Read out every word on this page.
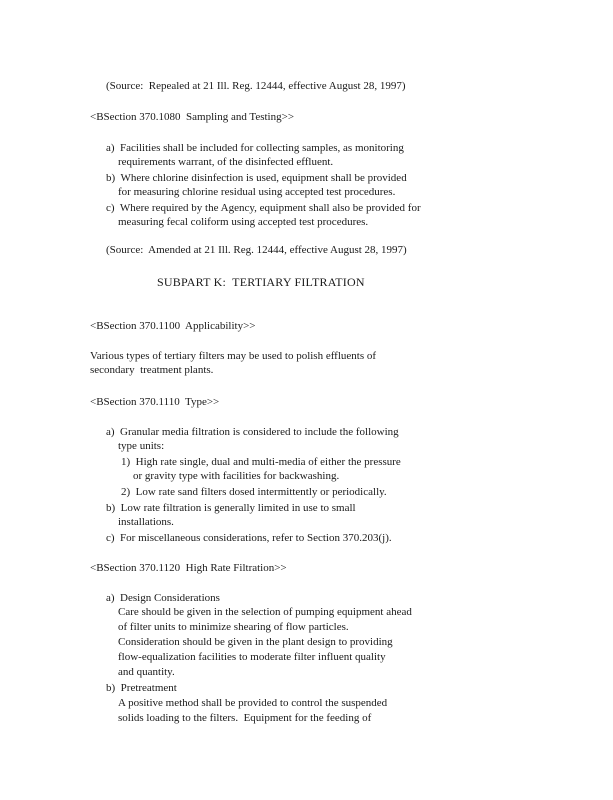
(Source:  Repealed at 21 Ill. Reg. 12444, effective August 28, 1997)

<BSection 370.1080  Sampling and Testing>>

a)  Facilities shall be included for collecting samples, as monitoring

requirements warrant, of the disinfected effluent.

b)  Where chlorine disinfection is used, equipment shall be provided

for measuring chlorine residual using accepted test procedures.

c)  Where required by the Agency, equipment shall also be provided for

measuring fecal coliform using accepted test procedures.

(Source:  Amended at 21 Ill. Reg. 12444, effective August 28, 1997)

SUBPART K:  TERTIARY FILTRATION

<BSection 370.1100  Applicability>>

Various types of tertiary filters may be used to polish effluents of

secondary  treatment plants.

<BSection 370.1110  Type>>

a)  Granular media filtration is considered to include the following

type units:

1)  High rate single, dual and multi-media of either the pressure

or gravity type with facilities for backwashing.

2)  Low rate sand filters dosed intermittently or periodically.

b)  Low rate filtration is generally limited in use to small

installations.

c)  For miscellaneous considerations, refer to Section 370.203(j).

<BSection 370.1120  High Rate Filtration>>

a)  Design Considerations

Care should be given in the selection of pumping equipment ahead

of filter units to minimize shearing of flow particles.

Consideration should be given in the plant design to providing

flow-equalization facilities to moderate filter influent quality

and quantity.

b)  Pretreatment

A positive method shall be provided to control the suspended

solids loading to the filters.  Equipment for the feeding of
